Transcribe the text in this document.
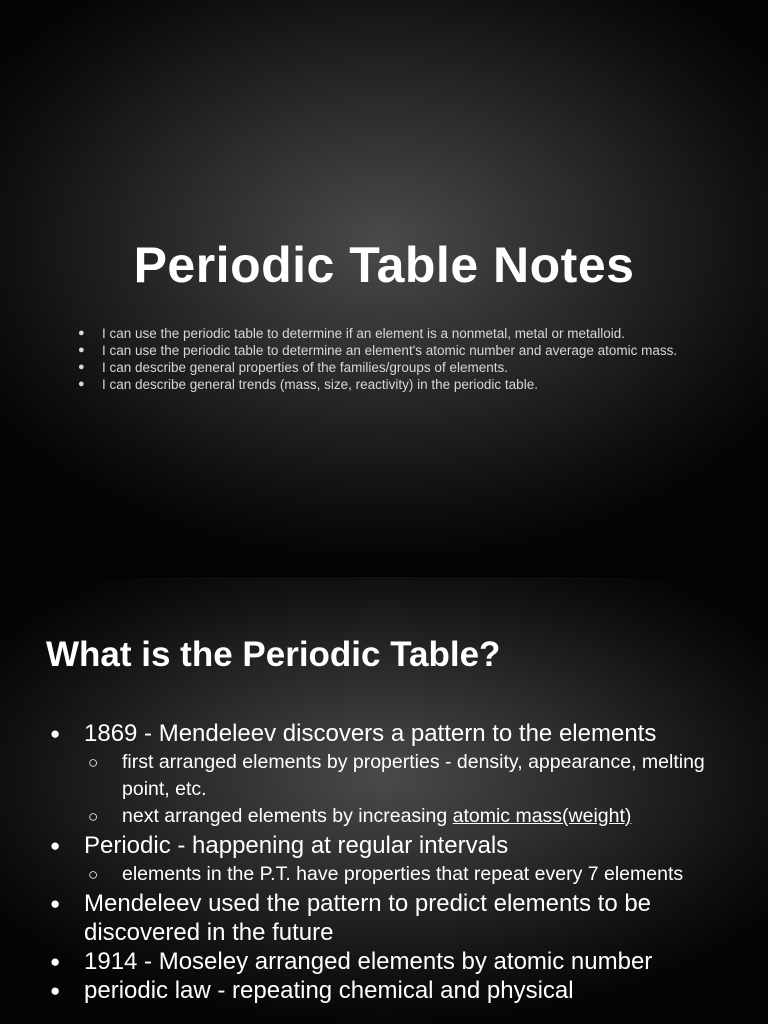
Periodic Table Notes
● I can use the periodic table to determine if an element is a nonmetal, metal or metalloid.
● I can use the periodic table to determine an element's atomic number and average atomic mass.
● I can describe general properties of the families/groups of elements.
● I can describe general trends (mass, size, reactivity) in the periodic table.
What is the Periodic Table?
● 1869 - Mendeleev discovers a pattern to the elements
○ first arranged elements by properties - density, appearance, melting point, etc.
○ next arranged elements by increasing atomic mass(weight)
● Periodic - happening at regular intervals
○ elements in the P.T. have properties that repeat every 7 elements
● Mendeleev used the pattern to predict elements to be discovered in the future
● 1914 - Moseley arranged elements by atomic number
● periodic law - repeating chemical and physical
